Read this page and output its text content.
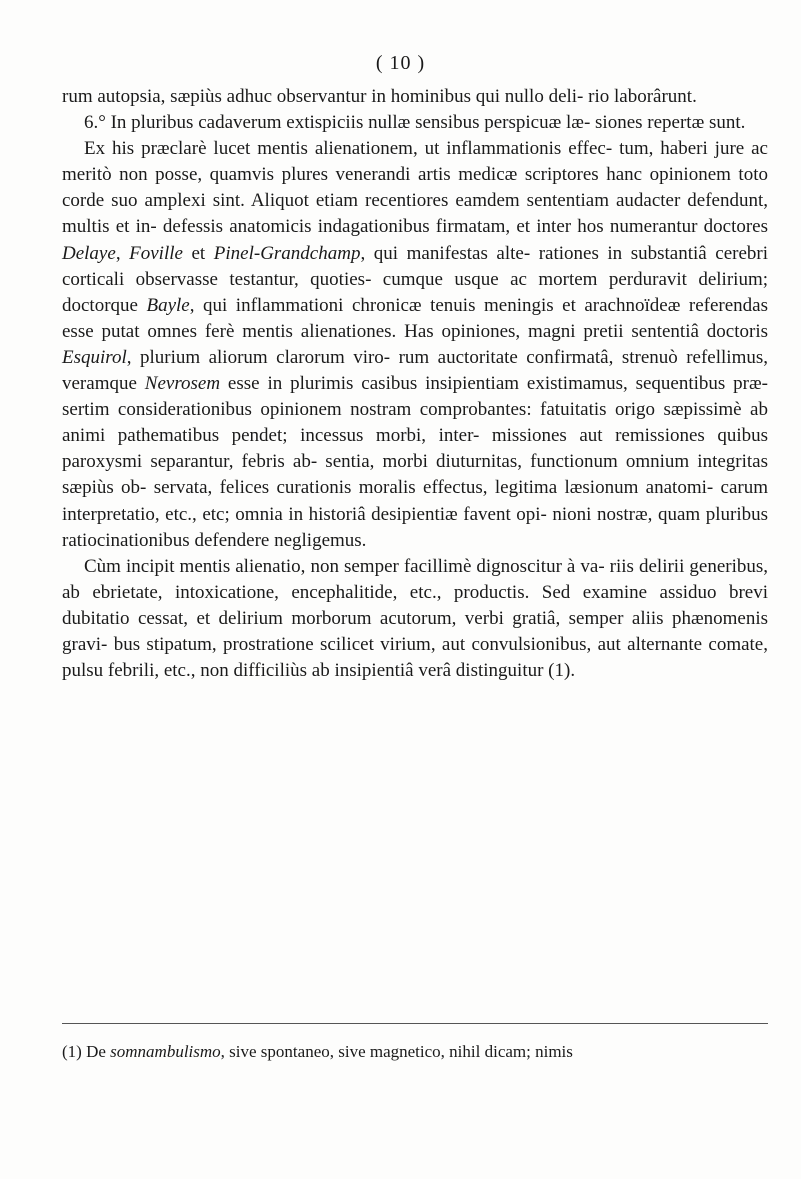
( 10 )

rum autopsia, sæpiùs adhuc observantur in hominibus qui nullo deli- rio laborârunt.

6.° In pluribus cadaverum extispiciis nullæ sensibus perspicuæ læ- siones repertæ sunt.

Ex his præclarè lucet mentis alienationem, ut inflammationis effec- tum, haberi jure ac meritò non posse, quamvis plures venerandi artis medicæ scriptores hanc opinionem toto corde suo amplexi sint. Aliquot etiam recentiores eamdem sententiam audacter defendunt, multis et in- defessis anatomicis indagationibus firmatam, et inter hos numerantur doctores Delaye, Foville et Pinel-Grandchamp, qui manifestas alte- rationes in substantiâ cerebri corticali observasse testantur, quoties- cumque usque ac mortem perduravit delirium; doctorque Bayle, qui inflammationi chronicæ tenuis meningis et arachnoïdeæ referendas esse putat omnes ferè mentis alienationes. Has opiniones, magni pretii sententiâ doctoris Esquirol, plurium aliorum clarorum viro- rum auctoritate confirmatâ, strenuò refellimus, veramque Nevrosem esse in plurimis casibus insipientiam existimamus, sequentibus præ- sertim considerationibus opinionem nostram comprobantes: fatuitatis origo sæpissimè ab animi pathematibus pendet; incessus morbi, inter- missiones aut remissiones quibus paroxysmi separantur, febris ab- sentia, morbi diuturnitas, functionum omnium integritas sæpiùs ob- servata, felices curationis moralis effectus, legitima læsionum anatomi- carum interpretatio, etc., etc; omnia in historiâ desipientiæ favent opi- nioni nostræ, quam pluribus ratiocinationibus defendere negligemus.

Cùm incipit mentis alienatio, non semper facillimè dignoscitur à va- riis delirii generibus, ab ebrietate, intoxicatione, encephalitide, etc., productis. Sed examine assiduo brevi dubitatio cessat, et delirium morborum acutorum, verbi gratiâ, semper aliis phænomenis gravi- bus stipatum, prostratione scilicet virium, aut convulsionibus, aut alternante comate, pulsu febrili, etc., non difficiliùs ab insipientiâ verâ distinguitur (1).

(1) De somnambulismo, sive spontaneo, sive magnetico, nihil dicam; nimis
